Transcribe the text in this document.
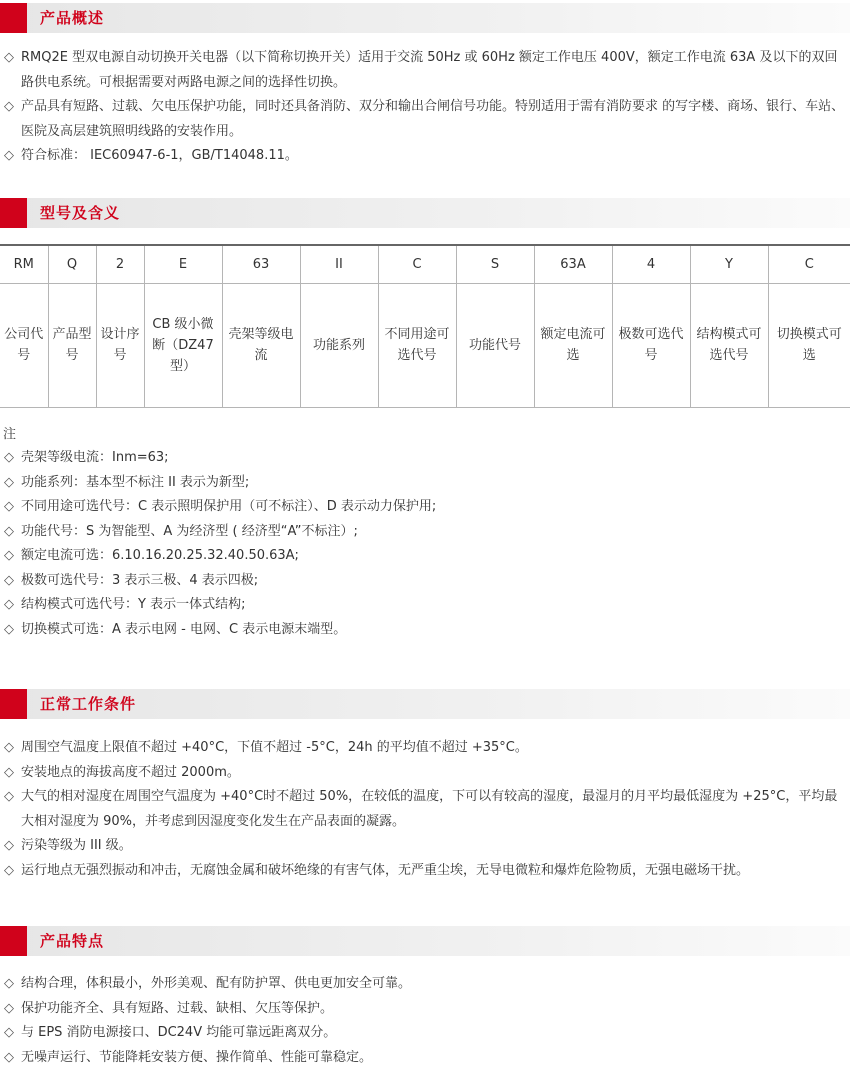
产品概述
◇ RMQ2E 型双电源自动切换开关电器（以下简称切换开关）适用于交流 50Hz 或 60Hz 额定工作电压 400V，额定工作电流 63A 及以下的双回路供电系统。可根据需要对两路电源之间的选择性切换。
◇ 产品具有短路、过载、欠电压保护功能，同时还具备消防、双分和输出合闸信号功能。特别适用于需有消防要求 的写字楼、商场、银行、车站、医院及高层建筑照明线路的安装作用。
◇ 符合标准： IEC60947-6-1，GB/T14048.11。
型号及含义
RM	Q	2	E	63	II	C	S	63A	4	Y	C
公司代号	产品型号	设计序号	CB 级小微断（DZ47 型）	壳架等级电流	功能系列	不同用途可选代号	功能代号	额定电流可选	极数可选代号	结构模式可选代号	切换模式可选
注
◇ 壳架等级电流：Inm=63;
◇ 功能系列：基本型不标注 II 表示为新型;
◇ 不同用途可选代号：C 表示照明保护用（可不标注）、D 表示动力保护用;
◇ 功能代号：S 为智能型、A 为经济型 ( 经济型“A”不标注）;
◇ 额定电流可选：6.10.16.20.25.32.40.50.63A;
◇ 极数可选代号：3 表示三极、4 表示四极;
◇ 结构模式可选代号：Y 表示一体式结构;
◇ 切换模式可选：A 表示电网 - 电网、C 表示电源末端型。
正常工作条件
◇ 周围空气温度上限值不超过 +40°C，下值不超过 -5°C，24h 的平均值不超过 +35°C。
◇ 安装地点的海拔高度不超过 2000m。
◇ 大气的相对湿度在周围空气温度为 +40°C时不超过 50%，在较低的温度，下可以有较高的湿度，最湿月的月平均最低湿度为 +25°C，平均最大相对湿度为 90%，并考虑到因湿度变化发生在产品表面的凝露。
◇ 污染等级为 III 级。
◇ 运行地点无强烈振动和冲击，无腐蚀金属和破坏绝缘的有害气体，无严重尘埃，无导电微粒和爆炸危险物质，无强电磁场干扰。
产品特点
◇ 结构合理，体积最小，外形美观、配有防护罩、供电更加安全可靠。
◇ 保护功能齐全、具有短路、过载、缺相、欠压等保护。
◇ 与 EPS 消防电源接口、DC24V 均能可靠远距离双分。
◇ 无噪声运行、节能降耗安装方便、操作简单、性能可靠稳定。
